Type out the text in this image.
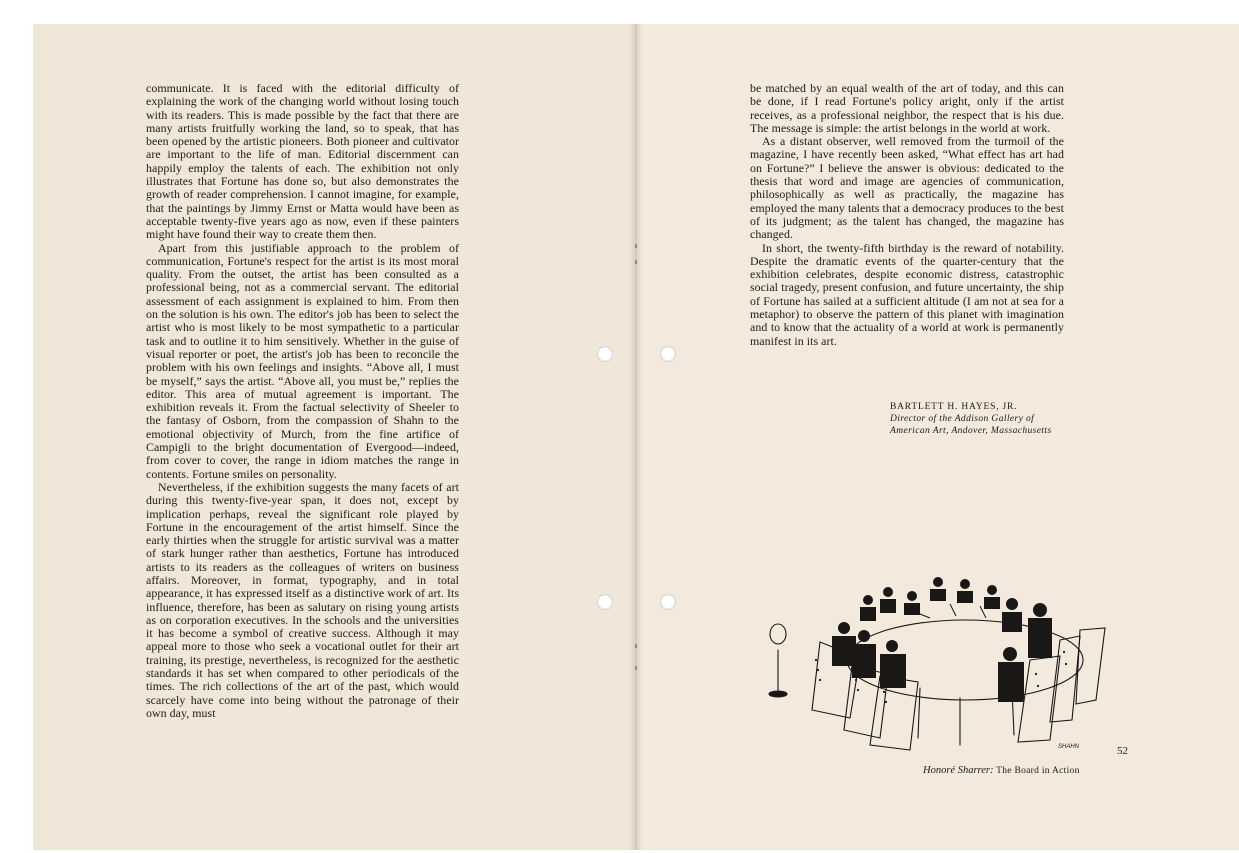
communicate. It is faced with the editorial difficulty of explaining the work of the changing world without losing touch with its readers. This is made possible by the fact that there are many artists fruitfully working the land, so to speak, that has been opened by the artistic pioneers. Both pioneer and cultivator are important to the life of man. Editorial discernment can happily employ the talents of each. The exhibition not only illustrates that Fortune has done so, but also demonstrates the growth of reader comprehension. I cannot imagine, for example, that the paintings by Jimmy Ernst or Matta would have been as acceptable twenty-five years ago as now, even if these painters might have found their way to create them then.

Apart from this justifiable approach to the problem of communication, Fortune's respect for the artist is its most moral quality. From the outset, the artist has been consulted as a professional being, not as a commercial servant. The editorial assessment of each assignment is explained to him. From then on the solution is his own. The editor's job has been to select the artist who is most likely to be most sympathetic to a particular task and to outline it to him sensitively. Whether in the guise of visual reporter or poet, the artist's job has been to reconcile the problem with his own feelings and insights. “Above all, I must be myself,” says the artist. “Above all, you must be,” replies the editor. This area of mutual agreement is important. The exhibition reveals it. From the factual selectivity of Sheeler to the fantasy of Osborn, from the compassion of Shahn to the emotional objectivity of Murch, from the fine artifice of Campigli to the bright documentation of Evergood—indeed, from cover to cover, the range in idiom matches the range in contents. Fortune smiles on personality.

Nevertheless, if the exhibition suggests the many facets of art during this twenty-five-year span, it does not, except by implication perhaps, reveal the significant role played by Fortune in the encouragement of the artist himself. Since the early thirties when the struggle for artistic survival was a matter of stark hunger rather than aesthetics, Fortune has introduced artists to its readers as the colleagues of writers on business affairs. Moreover, in format, typography, and in total appearance, it has expressed itself as a distinctive work of art. Its influence, therefore, has been as salutary on rising young artists as on corporation executives. In the schools and the universities it has become a symbol of creative success. Although it may appeal more to those who seek a vocational outlet for their art training, its prestige, nevertheless, is recognized for the aesthetic standards it has set when compared to other periodicals of the times. The rich collections of the art of the past, which would scarcely have come into being without the patronage of their own day, must

be matched by an equal wealth of the art of today, and this can be done, if I read Fortune's policy aright, only if the artist receives, as a professional neighbor, the respect that is his due. The message is simple: the artist belongs in the world at work.

As a distant observer, well removed from the turmoil of the magazine, I have recently been asked, “What effect has art had on Fortune?” I believe the answer is obvious: dedicated to the thesis that word and image are agencies of communication, philosophically as well as practically, the magazine has employed the many talents that a democracy produces to the best of its judgment; as the talent has changed, the magazine has changed.

In short, the twenty-fifth birthday is the reward of notability. Despite the dramatic events of the quarter-century that the exhibition celebrates, despite economic distress, catastrophic social tragedy, present confusion, and future uncertainty, the ship of Fortune has sailed at a sufficient altitude (I am not at sea for a metaphor) to observe the pattern of this planet with imagination and to know that the actuality of a world at work is permanently manifest in its art.

BARTLETT H. HAYES, JR.
Director of the Addison Gallery of
American Art, Andover, Massachusetts
SHAHN	52
Honoré Sharrer: The Board in Action
